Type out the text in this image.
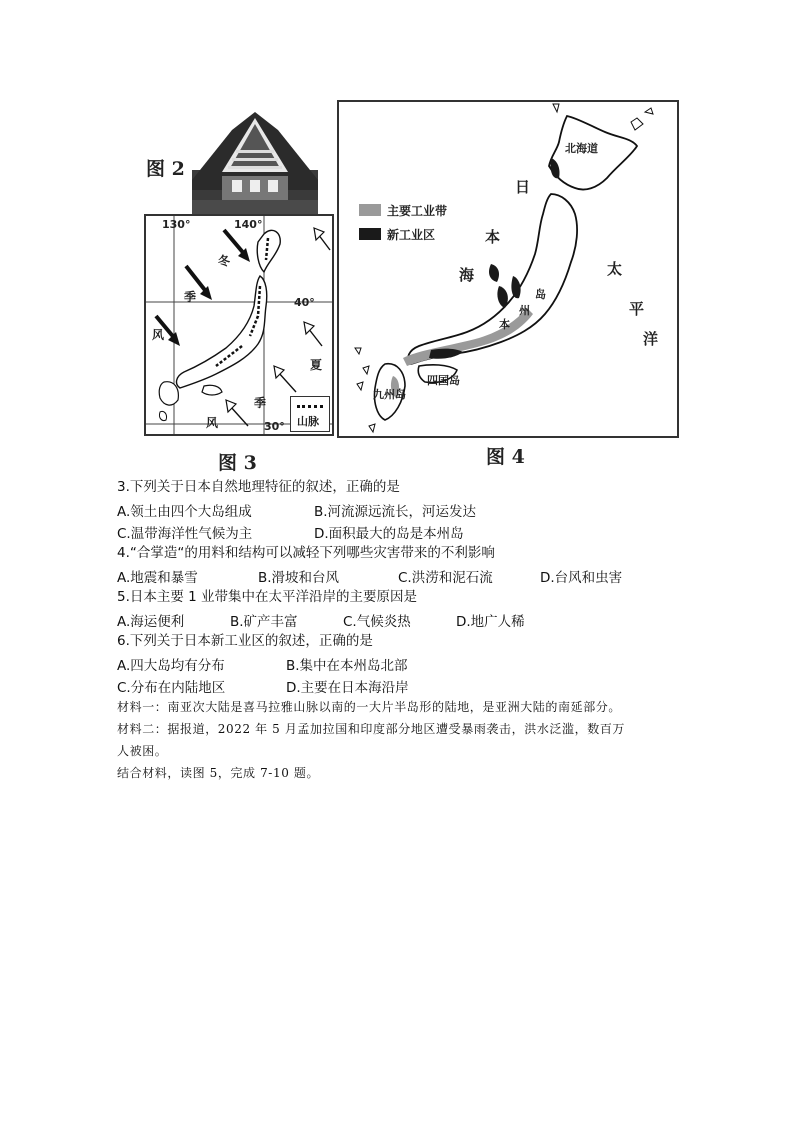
图 2
130°	140°
40°
30°
冬
季
风
夏
季
风	山脉
图 3
主要工业带
新工业区
北海道
四国岛
九州岛
本
州
岛
日
本
海	太
平
洋
图 4
3.下列关于日本自然地理特征的叙述，正确的是
A.领土由四个大岛组成	B.河流源远流长，河运发达
C.温带海洋性气候为主	D.面积最大的岛是本州岛
4.“合掌造“的用料和结构可以减轻下列哪些灾害带来的不利影响
A.地震和暴雪	B.滑坡和台风	C.洪涝和泥石流	D.台风和虫害
5.日本主要 1 业带集中在太平洋沿岸的主要原因是
A.海运便利	B.矿产丰富	C.气候炎热	D.地广人稀
6.下列关于日本新工业区的叙述，正确的是
A.四大岛均有分布	B.集中在本州岛北部
C.分布在内陆地区	D.主要在日本海沿岸
材料一：南亚次大陆是喜马拉雅山脉以南的一大片半岛形的陆地，是亚洲大陆的南延部分。
材料二：据报道，2022 年 5 月孟加拉国和印度部分地区遭受暴雨袭击，洪水泛滥，数百万
人被困。
结合材料，读图 5，完成 7-10 题。
